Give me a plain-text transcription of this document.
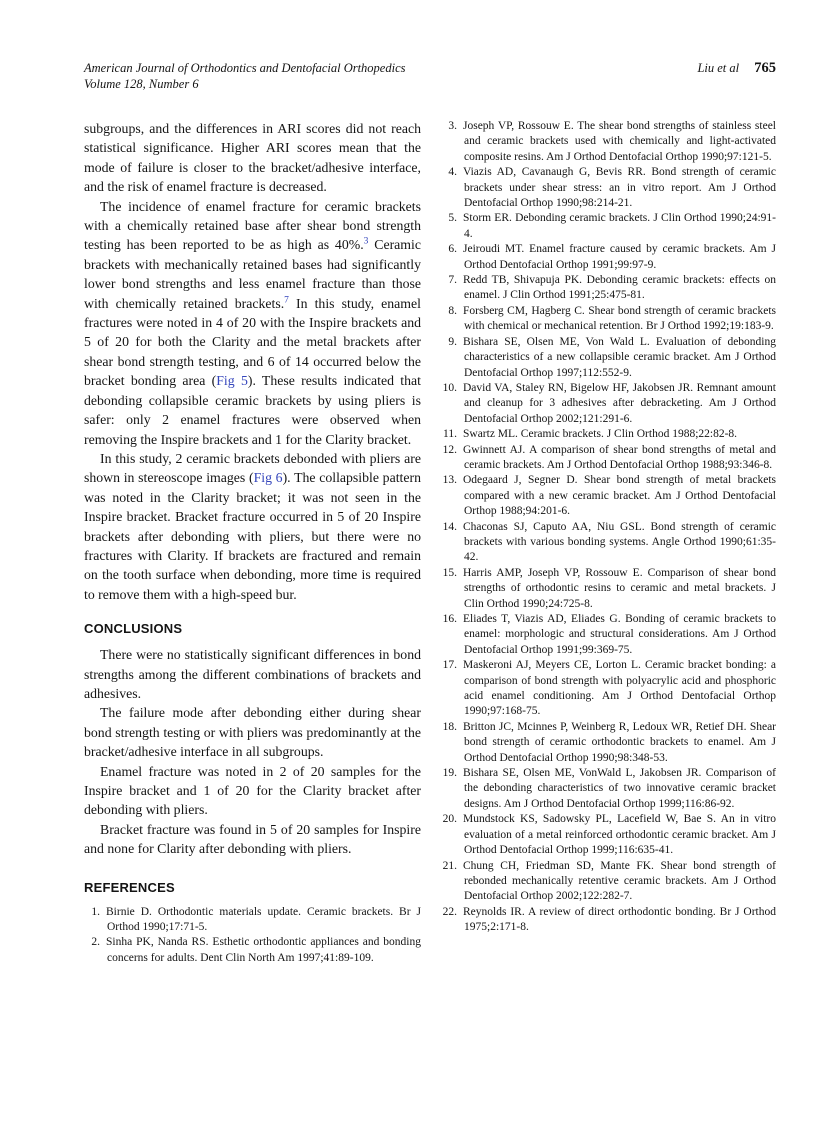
American Journal of Orthodontics and Dentofacial Orthopedics
Volume 128, Number 6
Liu et al 765

subgroups, and the differences in ARI scores did not reach statistical significance. Higher ARI scores mean that the mode of failure is closer to the bracket/adhesive interface, and the risk of enamel fracture is decreased.

The incidence of enamel fracture for ceramic brackets with a chemically retained base after shear bond strength testing has been reported to be as high as 40%.$^3$ Ceramic brackets with mechanically retained bases had significantly lower bond strengths and less enamel fracture than those with chemically retained brackets.$^7$ In this study, enamel fractures were noted in 4 of 20 with the Inspire brackets and 5 of 20 for both the Clarity and the metal brackets after shear bond strength testing, and 6 of 14 occurred below the bracket bonding area (Fig 5). These results indicated that debonding collapsible ceramic brackets by using pliers is safer: only 2 enamel fractures were observed when removing the Inspire brackets and 1 for the Clarity bracket.

In this study, 2 ceramic brackets debonded with pliers are shown in stereoscope images (Fig 6). The collapsible pattern was noted in the Clarity bracket; it was not seen in the Inspire bracket. Bracket fracture occurred in 5 of 20 Inspire brackets after debonding with pliers, but there were no fractures with Clarity. If brackets are fractured and remain on the tooth surface when debonding, more time is required to remove them with a high-speed bur.

CONCLUSIONS

There were no statistically significant differences in bond strengths among the different combinations of brackets and adhesives.

The failure mode after debonding either during shear bond strength testing or with pliers was predominantly at the bracket/adhesive interface in all subgroups.

Enamel fracture was noted in 2 of 20 samples for the Inspire bracket and 1 of 20 for the Clarity bracket after debonding with pliers.

Bracket fracture was found in 5 of 20 samples for Inspire and none for Clarity after debonding with pliers.

REFERENCES
1. Birnie D. Orthodontic materials update. Ceramic brackets. Br J Orthod 1990;17:71-5.
2. Sinha PK, Nanda RS. Esthetic orthodontic appliances and bonding concerns for adults. Dent Clin North Am 1997;41:89-109.
3. Joseph VP, Rossouw E. The shear bond strengths of stainless steel and ceramic brackets used with chemically and light-activated composite resins. Am J Orthod Dentofacial Orthop 1990;97:121-5.
4. Viazis AD, Cavanaugh G, Bevis RR. Bond strength of ceramic brackets under shear stress: an in vitro report. Am J Orthod Dentofacial Orthop 1990;98:214-21.
5. Storm ER. Debonding ceramic brackets. J Clin Orthod 1990;24:91-4.
6. Jeiroudi MT. Enamel fracture caused by ceramic brackets. Am J Orthod Dentofacial Orthop 1991;99:97-9.
7. Redd TB, Shivapuja PK. Debonding ceramic brackets: effects on enamel. J Clin Orthod 1991;25:475-81.
8. Forsberg CM, Hagberg C. Shear bond strength of ceramic brackets with chemical or mechanical retention. Br J Orthod 1992;19:183-9.
9. Bishara SE, Olsen ME, Von Wald L. Evaluation of debonding characteristics of a new collapsible ceramic bracket. Am J Orthod Dentofacial Orthop 1997;112:552-9.
10. David VA, Staley RN, Bigelow HF, Jakobsen JR. Remnant amount and cleanup for 3 adhesives after debracketing. Am J Orthod Dentofacial Orthop 2002;121:291-6.
11. Swartz ML. Ceramic brackets. J Clin Orthod 1988;22:82-8.
12. Gwinnett AJ. A comparison of shear bond strengths of metal and ceramic brackets. Am J Orthod Dentofacial Orthop 1988;93:346-8.
13. Odegaard J, Segner D. Shear bond strength of metal brackets compared with a new ceramic bracket. Am J Orthod Dentofacial Orthop 1988;94:201-6.
14. Chaconas SJ, Caputo AA, Niu GSL. Bond strength of ceramic brackets with various bonding systems. Angle Orthod 1990;61:35-42.
15. Harris AMP, Joseph VP, Rossouw E. Comparison of shear bond strengths of orthodontic resins to ceramic and metal brackets. J Clin Orthod 1990;24:725-8.
16. Eliades T, Viazis AD, Eliades G. Bonding of ceramic brackets to enamel: morphologic and structural considerations. Am J Orthod Dentofacial Orthop 1991;99:369-75.
17. Maskeroni AJ, Meyers CE, Lorton L. Ceramic bracket bonding: a comparison of bond strength with polyacrylic acid and phosphoric acid enamel conditioning. Am J Orthod Dentofacial Orthop 1990;97:168-75.
18. Britton JC, Mcinnes P, Weinberg R, Ledoux WR, Retief DH. Shear bond strength of ceramic orthodontic brackets to enamel. Am J Orthod Dentofacial Orthop 1990;98:348-53.
19. Bishara SE, Olsen ME, VonWald L, Jakobsen JR. Comparison of the debonding characteristics of two innovative ceramic bracket designs. Am J Orthod Dentofacial Orthop 1999;116:86-92.
20. Mundstock KS, Sadowsky PL, Lacefield W, Bae S. An in vitro evaluation of a metal reinforced orthodontic ceramic bracket. Am J Orthod Dentofacial Orthop 1999;116:635-41.
21. Chung CH, Friedman SD, Mante FK. Shear bond strength of rebonded mechanically retentive ceramic brackets. Am J Orthod Dentofacial Orthop 2002;122:282-7.
22. Reynolds IR. A review of direct orthodontic bonding. Br J Orthod 1975;2:171-8.
